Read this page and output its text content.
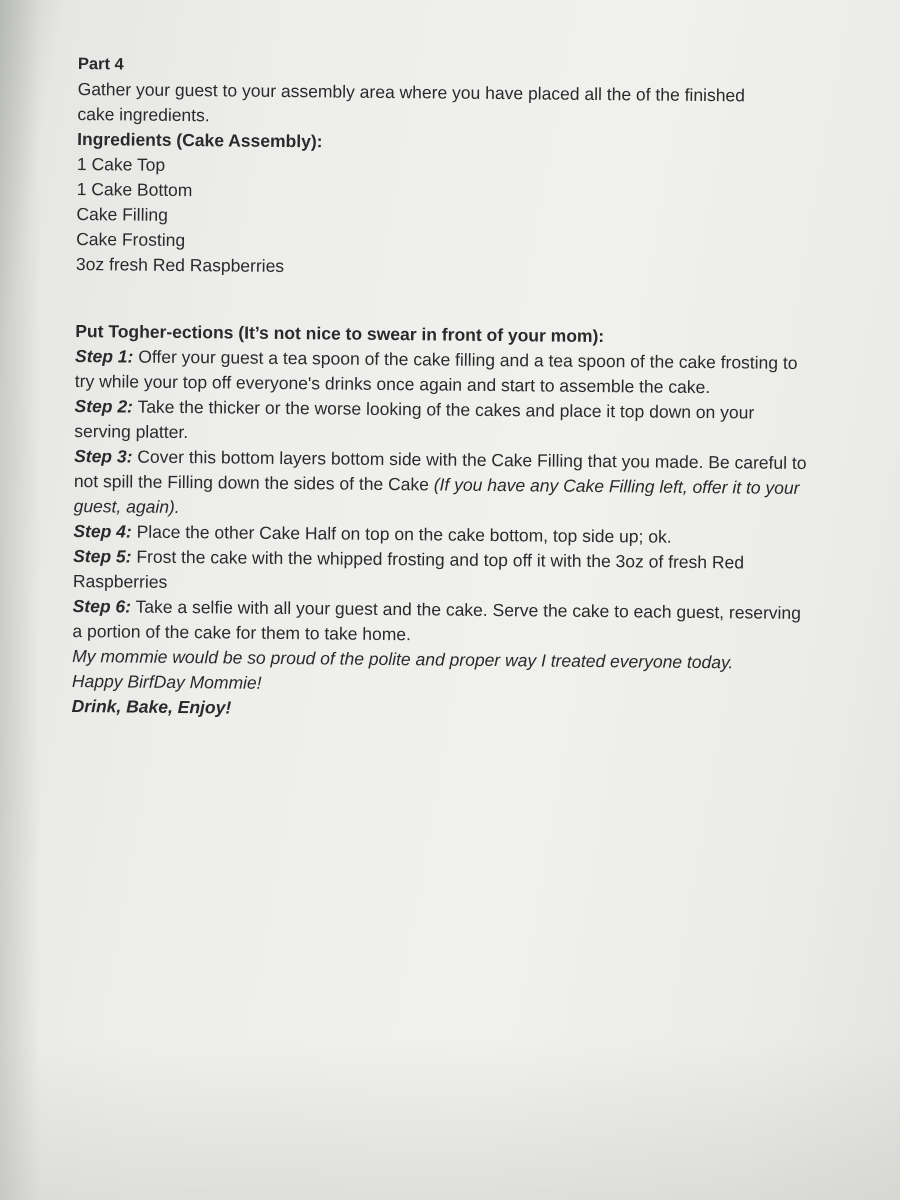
Part 4

Gather your guest to your assembly area where you have placed all the of the finished cake ingredients.

Ingredients (Cake Assembly):

1 Cake Top
1 Cake Bottom
Cake Filling
Cake Frosting
3oz fresh Red Raspberries

Put Togher-ections (It’s not nice to swear in front of your mom):

Step 1: Offer your guest a tea spoon of the cake filling and a tea spoon of the cake frosting to try while your top off everyone's drinks once again and start to assemble the cake.

Step 2: Take the thicker or the worse looking of the cakes and place it top down on your serving platter.

Step 3: Cover this bottom layers bottom side with the Cake Filling that you made. Be careful to not spill the Filling down the sides of the Cake (If you have any Cake Filling left, offer it to your guest, again).

Step 4: Place the other Cake Half on top on the cake bottom, top side up; ok.

Step 5: Frost the cake with the whipped frosting and top off it with the 3oz of fresh Red Raspberries

Step 6: Take a selfie with all your guest and the cake. Serve the cake to each guest, reserving a portion of the cake for them to take home.

My mommie would be so proud of the polite and proper way I treated everyone today. Happy BirfDay Mommie!

Drink, Bake, Enjoy!
